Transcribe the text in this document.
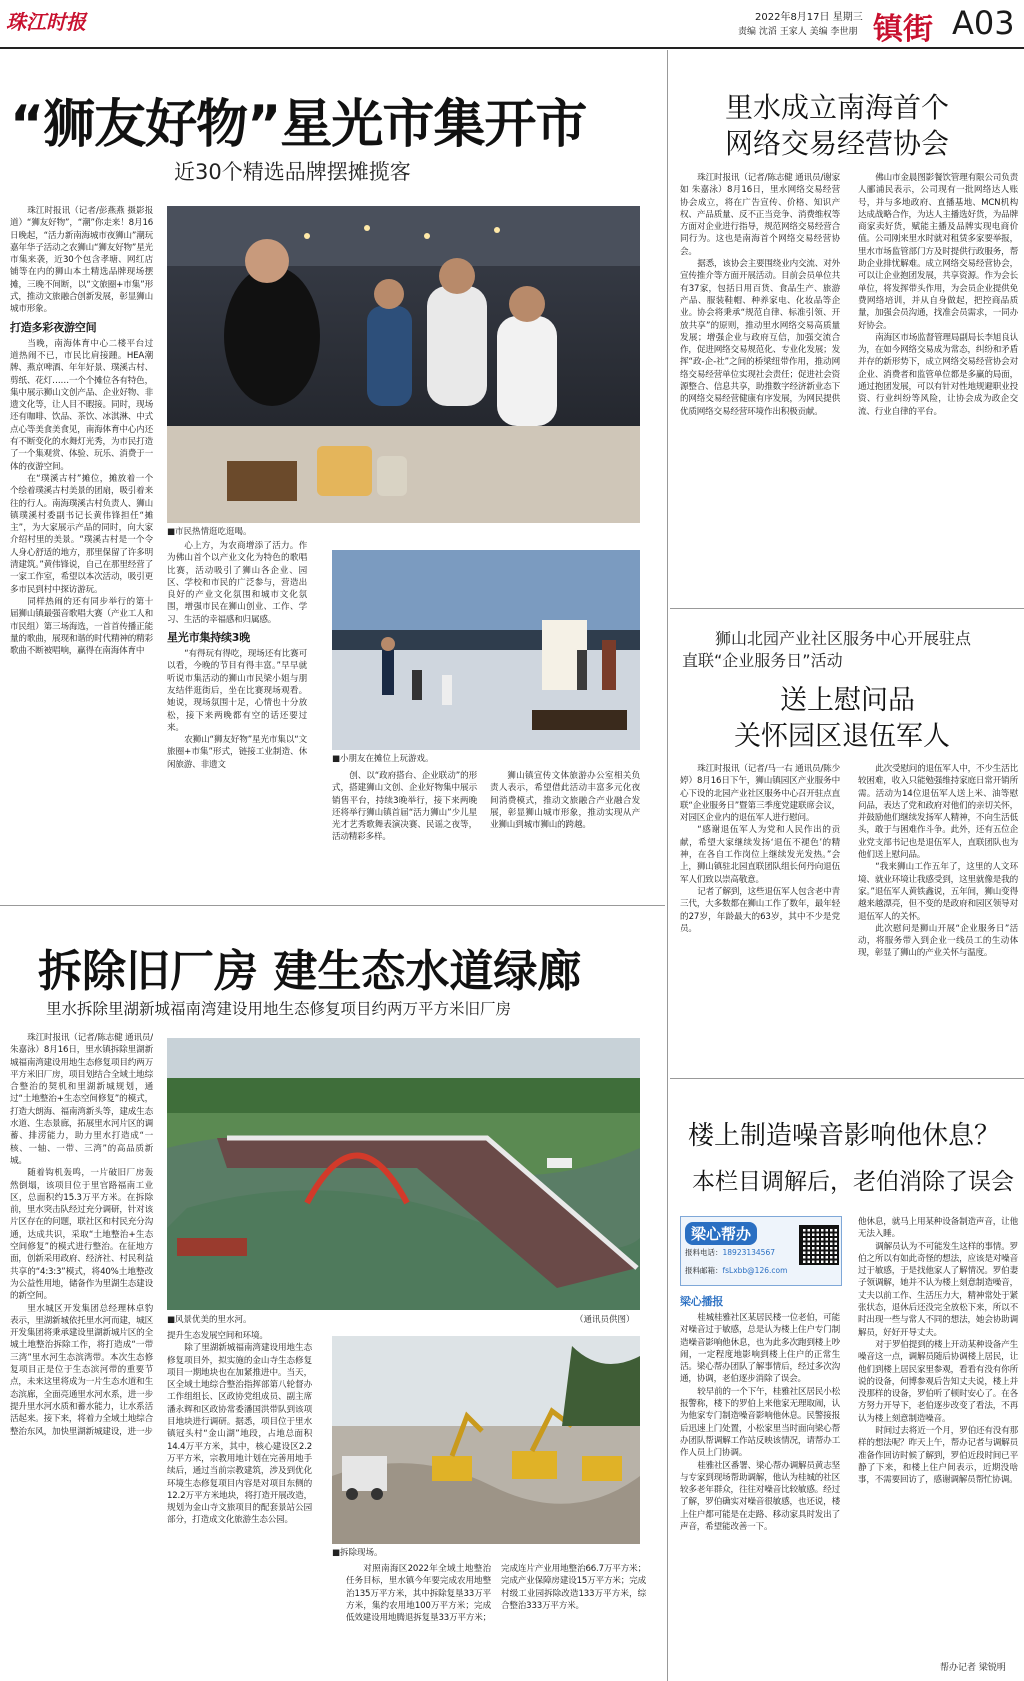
珠江时报	2022年8月17日 星期三
责编 沈滔 王家人 美编 李世朋 镇街 A03
“狮友好物”星光市集开市
近30个精选品牌摆摊揽客

珠江时报讯（记者/彭燕燕 摄影报道）“狮友好物”，“潮”你走来！8月16日晚起，“活力新南海城市夜狮山”潮玩嘉年华子活动之农狮山“狮友好物”星光市集来袭，近30个包含孝塘、网红店铺等在内的狮山本土精选品牌现场摆摊，三晚不间断，以“文旅圈+市集”形式，推动文旅融合创新发展，彰显狮山城市形象。

打造多彩夜游空间

当晚，南海体育中心二楼平台过道热闹不已，市民比肩接踵。HEA潮牌、燕京啤酒、年年好景、璞溪古村、剪纸、花灯……一个个摊位各有特色，集中展示狮山文创产品、企业好物、非遗文化等，让人目不暇接。同时，现场还有咖啡、饮品、茶饮、冰淇淋、中式点心等美食美食见，南海体育中心内还有不断变化的水舞灯光秀，为市民打造了一个集观赏、体验、玩乐、消费于一体的夜游空间。

在“璞溪古村”摊位，摊放着一个个绘着璞溪古村美景的团扇，吸引着来往的行人。南海璞溪古村负责人、狮山镇璞溪村委副书记长黄伟锋担任“摊主”，为大家展示产品的同时，向大家介绍村里的美景。“璞溪古村是一个令人身心舒适的地方，那里保留了许多明清建筑。”黄伟锋说，自己在那里经营了一家工作室，希望以本次活动，吸引更多市民到村中探访游玩。

同样热闹的还有同步举行的第十届狮山镇最强音歌唱大赛（产业工人和市民组）第三场海选，一首首传播正能量的歌曲，展现和谐的时代精神的精彩歌曲不断被唱响，赢得在南海体育中

■市民热情逛吃逛喝。

心上方，为农商增添了活力。作为佛山首个以产业文化为特色的歌唱比赛，活动吸引了狮山各企业、园区、学校和市民的广泛参与，营造出良好的产业文化氛围和城市文化氛围，增强市民在狮山创业、工作、学习、生活的幸福感和归属感。

星光市集持续3晚

“有得玩有得吃，现场还有比赛可以看，今晚的节目有得丰富。”早早就听说市集活动的狮山市民梁小姐与朋友结伴逛街后，坐在比赛现场观看。她说，现场氛围十足，心情也十分放松，接下来两晚都有空的话还要过来。

农狮山“狮友好物”星光市集以“文旅圈+市集”形式，链接工业制造、休闲旅游、非遗文

■小朋友在摊位上玩游戏。

创、以“政府搭台、企业联动”的形式，搭建狮山文创、企业好物集中展示销售平台，持续3晚举行，接下来两晚还将举行狮山镇首届“活力狮山”少儿星光才艺秀歌舞表演决赛、民谣之夜等，活动精彩多样。

狮山镇宣传文体旅游办公室相关负责人表示，希望借此活动丰富多元化夜间消费模式，推动文旅融合产业融合发展，彰显狮山城市形象，推动实现从产业狮山到城市狮山的跨越。

拆除旧厂房 建生态水道绿廊
里水拆除里湖新城福南湾建设用地生态修复项目约两万平方米旧厂房

珠江时报讯（记者/陈志健 通讯员/朱嘉泳）8月16日，里水镇拆除里湖新城福南湾建设用地生态修复项目约两万平方米旧厂房，项目划结合全域土地综合整治的契机和里湖新城规划，通过“土地整治+生态空间修复”的模式，打造大朗海、福南湾新头等，建成生态水道、生态景廊，拓展里水河片区的调蓄、排涝能力，助力里水打造成“一核、一轴、一带、三湾”的高品质新城。

随着钩机轰鸣，一片破旧厂房轰然倒塌，该项目位于里官路福南工业区，总面积约15.3万平方米。在拆除前，里水突击队经过充分调研，针对该片区存在的问题，联社区和村民充分沟通，达成共识，采取“土地整治+生态空间修复”的模式进行整治。在征地方面，创新采用政府、经济社、村民利益共享的“4:3:3”模式，将40%土地整改为公益性用地，储备作为里湖生态建设的新空间。

里水城区开发集团总经理林卓豹表示，里湖新城依托里水河而建，城区开发集团将秉承建设里湖新城片区的全城土地整治拆除工作，将打造成“一带三湾”里水河生态滨湾带。本次生态修复项目正是位于生态滨河带的重要节点，未来这里将成为一片生态水道和生态滨廊，全面亮通里水河水系，进一步提升里水河水质和蓄水能力，让水系活活起来。接下来，将着力全域土地综合整治东风，加快里湖新城建设，进一步

■风景优美的里水河。	（通讯员供图）

提升生态发展空间和环境。

除了里湖新城福南湾建设用地生态修复项目外，拟实施的金山寺生态修复项目一期地块也在加紧推进中。当天，区全域土地综合整治指挥部第八轮督办工作组组长、区政协党组成员、副主席潘永辉和区政协常委潘国洪带队到该项目地块进行调研。据悉，项目位于里水镇冠头村“金山湖”地段，占地总面积14.4万平方米，其中，核心建设区2.2万平方米，宗教用地计划在完善用地手续后，通过当前宗教建筑，涉及到优化环境生态修复项目内容是对项目东侧的12.2万平方米地块，将打造开展改造，规划为金山寺文旅项目的配套景站公园部分，打造成文化旅游生态公园。

■拆除现场。

对照南海区2022年全域土地整治任务目标，里水镇今年要完成农用地整治135万平方米，其中拆除复垦33万平方米，集约农用地100万平方米；完成低效建设用地腾退拆复垦33万平方米；完成连片产业用地整治66.7万平方米；完成产业保障房建设15万平方米；完成村级工业园拆除改造133万平方米，综合整治333万平方米。

里水成立南海首个
网络交易经营协会

珠江时报讯（记者/陈志健 通讯员/谢家如 朱嘉泳）8月16日，里水网络交易经营协会成立，将在广告宣传、价格、知识产权、产品质量、反不正当竞争、消费维权等方面对企业进行指导，规范网络交易经营合同行为。这也是南海首个网络交易经营协会。

据悉，该协会主要围绕业内交流、对外宣传推介等方面开展活动。目前会员单位共有37家，包括日用百货、食品生产、旅游产品、服装鞋帽、种养家电、化妆品等企业。协会将秉承“规范自律、标准引领、开放共享”的原则，推动里水网络交易高质量发展；增强企业与政府互信，加强交流合作，促进网络交易规范化、专业化发展；发挥“政-企-社”之间的桥梁纽带作用，推动网络交易经营单位实现社会责任；促进社会资源整合、信息共享，助推数字经济新业态下的网络交易经营健康有序发展，为网民提供优质网络交易经营环境作出积极贡献。

佛山市金晨图影餐饮管理有限公司负责人郦浦民表示，公司现有一批网络达人账号，并与多地政府、直播基地、MCN机构达成战略合作，为达人主播选好货，为品牌商家卖好货，赋能主播及品牌实现电商价值。公司刚来里水时就对租赁多家要举报，里水市场监管部门方及时提供行政服务，帮助企业排忧解难。成立网络交易经营协会，可以让企业抱团发展，共享资源。作为会长单位，将发挥带头作用，为会员企业提供免费网络培训，并从自身做起，把控商品质量，加强会员沟通，找准会员需求，一同办好协会。

南海区市场监督管理局副局长李旭良认为，在如今网络交易成为常态，纠纷和矛盾并存的新形势下，成立网络交易经营协会对企业、消费者和监管单位都是多赢的局面，通过抱团发展，可以有针对性地规避职业投资、行业纠纷等风险，让协会成为政企交流、行业自律的平台。

狮山北园产业社区服务中心开展驻点
直联“企业服务日”活动
送上慰问品
关怀园区退伍军人

珠江时报讯（记者/马一右 通讯员/陈少婷）8月16日下午，狮山镇园区产业服务中心下设的北园产业社区服务中心召开驻点直联“企业服务日”暨第三季度党建联席会议，对园区企业内的退伍军人进行慰问。

“感谢退伍军人为党和人民作出的贡献，希望大家继续发扬‘退伍不褪色’的精神，在各自工作岗位上继续发光发热。”会上，狮山镇驻北园直联团队组长何丹向退伍军人们致以崇高敬意。

记者了解到，这些退伍军人包含老中青三代，大多数都在狮山工作了数年，最年轻的27岁，年龄最大的63岁，其中不少是党员。

此次受慰问的退伍军人中，不少生活比较困难，收入只能勉强维持家庭日常开销所需。活动为14位退伍军人送上米、油等慰问品，表达了党和政府对他们的亲切关怀，并鼓励他们继续发扬军人精神，不向生活低头，敢于与困难作斗争。此外，还有五位企业党支部书记也是退伍军人，直联团队也为他们送上慰问品。

“我来狮山工作五年了，这里的人文环境、就业环境让我感受到，这里就像是我的家。”退伍军人黄铁鑫说，五年间，狮山变得越来越漂亮，但不变的是政府和园区领导对退伍军人的关怀。

此次慰问是狮山开展“企业服务日”活动，将服务带入到企业一线员工的生动体现，彰显了狮山的产业关怀与温度。

楼上制造噪音影响他休息？
本栏目调解后，老伯消除了误会
梁心帮办
报料电话：18923134567
报料邮箱：fsLxbb@126.com
梁心播报

桂城桂雅社区某居民楼一位老伯，可能对噪音过于敏感，总是认为楼上住户专门制造噪音影响他休息，也为此多次跑到楼上吵闹，一定程度地影响到楼上住户的正常生活。梁心帮办团队了解事情后，经过多次沟通，协调，老伯逐步消除了误会。

较早前的一个下午，桂雅社区居民小松报警称，楼下的罗伯上来他家无理取闹，认为他家专门制造噪音影响他休息。民警接报后迅速上门处置，小松家里当时面向梁心帮办团队帮调解工作站反映该情况，请帮办工作人员上门协调。

桂雅社区番署、梁心帮办调解员黄志坚与专家到现场帮助调解，他认为桂城的社区较多老年群众，往往对噪音比较敏感。经过了解，罗伯确实对噪音很敏感，也还说，楼上住户都可能是在走路、移动家具时发出了声音，希望能改善一下。

他休息，就马上用某种设备制造声音，让他无法入睡。

调解员认为不可能发生这样的事情。罗伯之所以有如此奇怪的想法，应该是对噪音过于敏感，于是找他家人了解情况。罗伯妻子领调解，她并不认为楼上刻意制造噪音，丈夫以前工作、生活压力大，精神常处于紧张状态，退休后还没完全放松下来，所以不时出现一些与常人不同的想法，她会协助调解员，好好开导丈夫。

对于罗伯提到的楼上开动某种设备产生噪音这一点，调解员随后协调楼上居民，让他们到楼上居民家里参观，看看有没有你所说的设备，何博参观后告知丈夫说，楼上并没那样的设备，罗伯听了顿时安心了。在各方努力开导下，老伯逐步改变了看法，不再认为楼上刻意制造噪音。

时间过去将近一个月，罗伯还有没有那样的想法呢？昨天上午，帮办记者与调解员准备作回访时候了解到，罗伯近段时间已平静了下来，和楼上住户间表示，近期没啥事，不需要回访了，感谢调解员帮忙协调。

帮办记者 梁锐明
